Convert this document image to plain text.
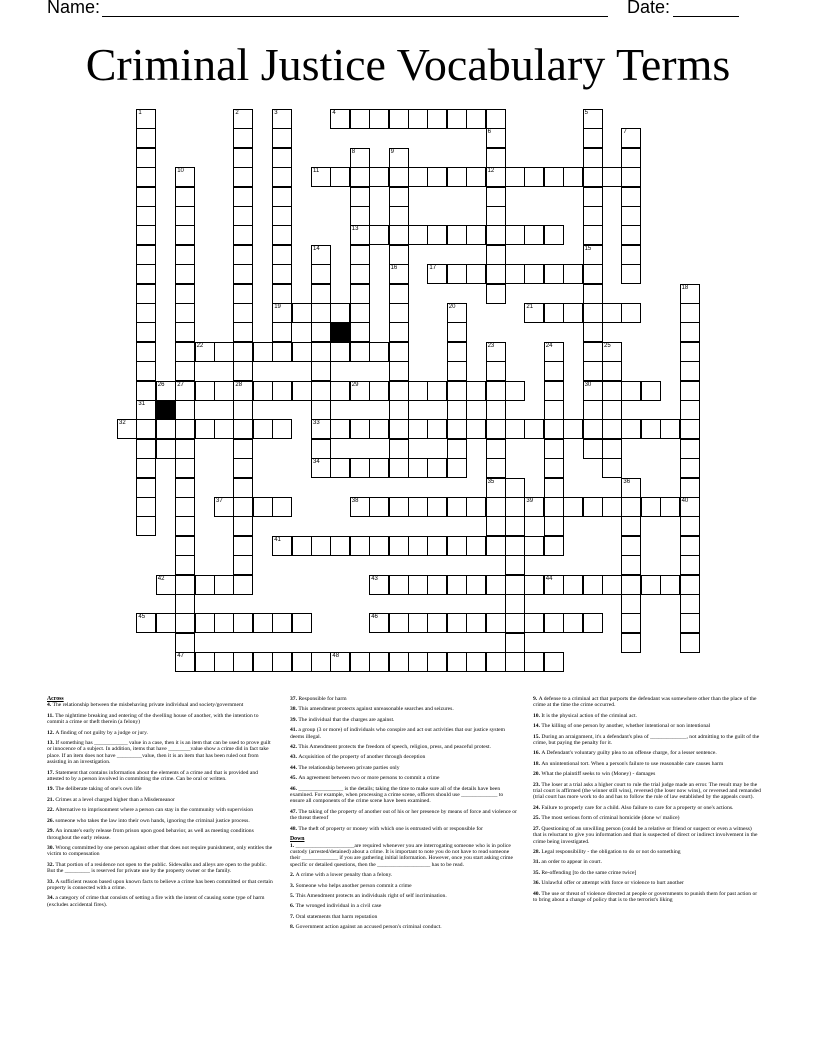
Name:	Date:
Criminal Justice Vocabulary Terms
4
12
11
13
17
19	21
22
26 27	28	29	30
32	33
34
37	38	39
41
42	43	44
45	46
47	48
1
31
2	3	5
15
6	7
8	9
16
10
14
18
40
20
23
35
24	25
36
Across
4. The relationship between the misbehaving private individual and society/government
11. The nighttime breaking and entering of the dwelling house of another, with the intention to commit a crime or theft therein (a felony)
12. A finding of not guilty by a judge or jury.
13. If something has ____________ value in a case, then it is an item that can be used to prove guilt or innocence of a subject. In addition, items that have ________value show a crime did in fact take place. If an item does not have _________value, then it is an item that has been ruled out from assisting in an investigation.
17. Statement that contains information about the elements of a crime and that is provided and attested to by a person involved in committing the crime. Can be oral or written.
19. The deliberate taking of one's own life
21. Crimes at a level charged higher than a Misdemeanor
22. Alternative to imprisonment where a person can stay in the community with supervision
26. someone who takes the law into their own hands, ignoring the criminal justice process.
29. An inmate's early release from prison upon good behavior, as well as meeting conditions throughout the early release.
30. Wrong committed by one person against other that does not require punishment, only entitles the victim to compensation
32. That portion of a residence not open to the public. Sidewalks and alleys are open to the public. But the _________ is reserved for private use by the property owner or the family.
33. A sufficient reason based upon known facts to believe a crime has been committed or that certain property is connected with a crime.
34. a category of crime that consists of setting a fire with the intent of causing some type of harm (excludes accidental fires).
37. Responsible for harm
38. This amendment protects against unreasonable searches and seizures.
39. The individual that the charges are against.
41. a group (3 or more) of individuals who conspire and act out activities that our justice system deems illegal.
42. This Amendment protects the freedom of speech, religion, press, and peaceful protest.
43. Acquisition of the property of another through deception
44. The relationship between private parties only
45. An agreement between two or more persons to commit a crime
46. ________________ is the details; taking the time to make sure all of the details have been examined. For example, when processing a crime scene, officers should use _____________ to ensure all components of the crime scene have been examined.
47. The taking of the property of another out of his or her presence by means of force and violence or the threat thereof
48. The theft of property or money with which one is entrusted with or responsible for
Down
1. _____________________are required whenever you are interrogating someone who is in police custody (arrested/detained) about a crime. It is important to note you do not have to read someone their _____________ if you are gathering initial information. However, once you start asking crime specific or detailed questions, then the ___________________ has to be read.
2. A crime with a lower penalty than a felony.
3. Someone who helps another person commit a crime
5. This Amendment protects an individuals right of self incrimination.
6. The wronged individual in a civil case
7. Oral statements that harm reputation
8. Government action against an accused person's criminal conduct.
9. A defense to a criminal act that purports the defendant was somewhere other than the place of the crime at the time the crime occurred.
10. It is the physical action of the criminal act.
14. The killing of one person by another, whether intentional or non intentional
15. During an arraignment, it's a defendant's plea of _____________, not admitting to the guilt of the crime, but paying the penalty for it.
16. A Defendant's voluntary guilty plea to an offense charge, for a lesser sentence.
18. An unintentional tort. When a person's failure to use reasonable care causes harm
20. What the plaintiff seeks to win (Money) - damages
23. The loser at a trial asks a higher court to rule the trial judge made an error. The result may be the trial court is affirmed (the winner still wins), reversed (the loser now wins), or reversed and remanded (trial court has more work to do and has to follow the rule of law established by the appeals court).
24. Failure to properly care for a child. Also failure to care for a property or one's actions.
25. The most serious form of criminal homicide (done w/ malice)
27. Questioning of an unwilling person (could be a relative or friend or suspect or even a witness) that is reluctant to give you information and that is suspected of direct or indirect involvement in the crime being investigated.
28. Legal responsibility - the obligation to do or not do something
31. an order to appear in court.
35. Re-offending [to do the same crime twice]
36. Unlawful offer or attempt with force or violence to hurt another
40. The use or threat of violence directed at people or governments to punish them for past action or to bring about a change of policy that is to the terrorist's liking
